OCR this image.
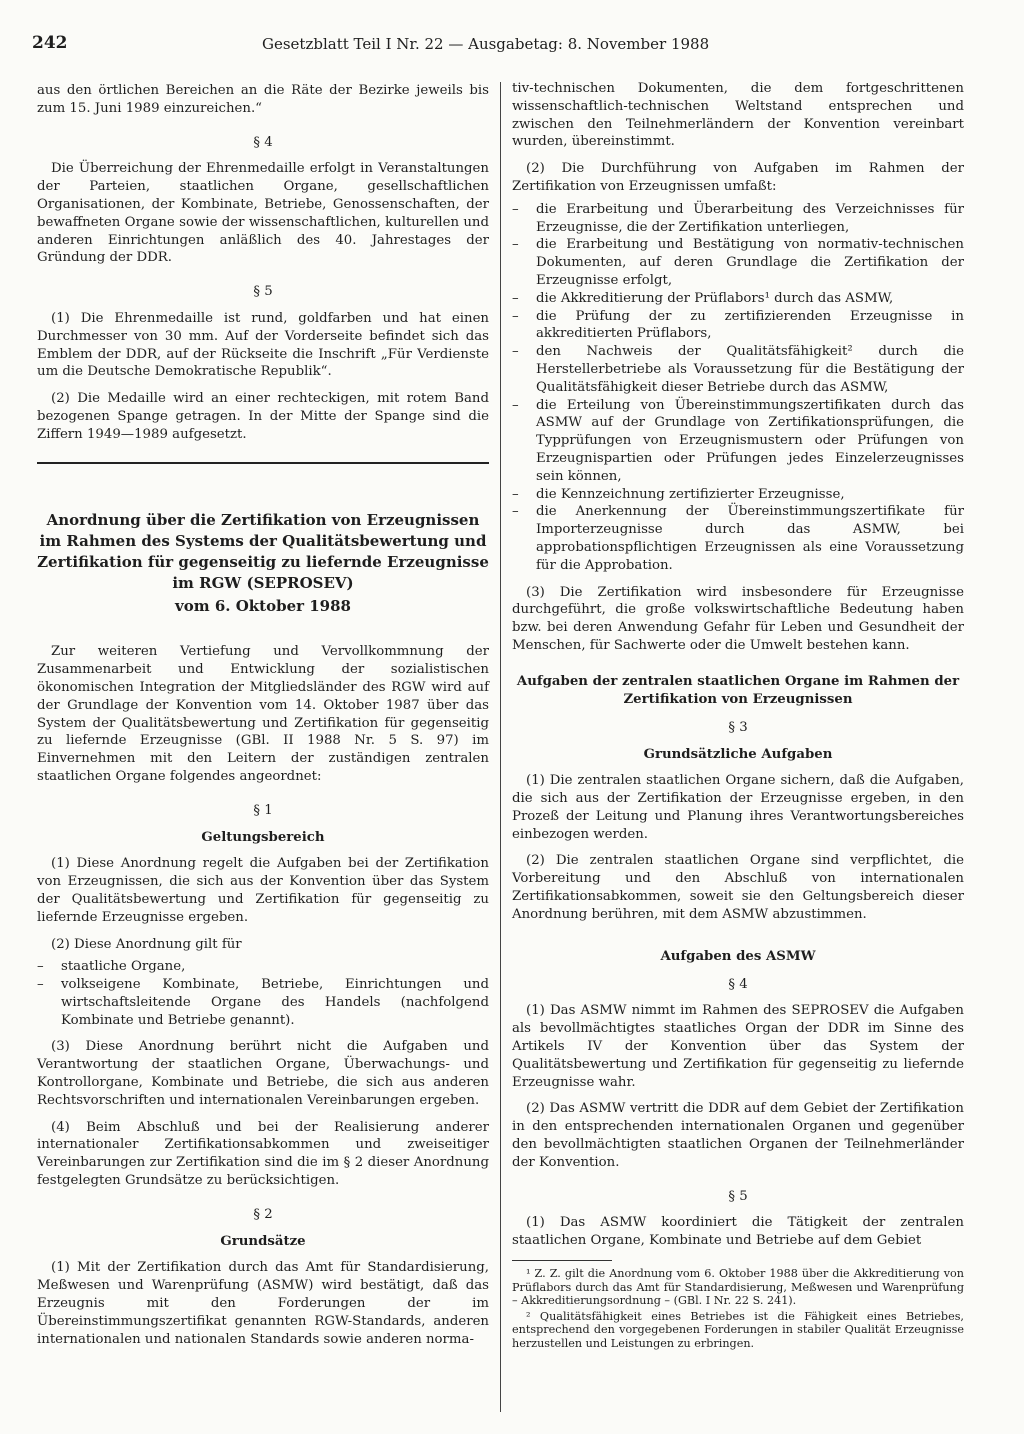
242	Gesetzblatt Teil I Nr. 22 — Ausgabetag: 8. November 1988

aus den örtlichen Bereichen an die Räte der Bezirke jeweils bis zum 15. Juni 1989 einzureichen.“

§ 4

Die Überreichung der Ehrenmedaille erfolgt in Veranstaltungen der Parteien, staatlichen Organe, gesellschaftlichen Organisationen, der Kombinate, Betriebe, Genossenschaften, der bewaffneten Organe sowie der wissenschaftlichen, kulturellen und anderen Einrichtungen anläßlich des 40. Jahrestages der Gründung der DDR.

§ 5

(1) Die Ehrenmedaille ist rund, goldfarben und hat einen Durchmesser von 30 mm. Auf der Vorderseite befindet sich das Emblem der DDR, auf der Rückseite die Inschrift „Für Verdienste um die Deutsche Demokratische Republik“.

(2) Die Medaille wird an einer rechteckigen, mit rotem Band bezogenen Spange getragen. In der Mitte der Spange sind die Ziffern 1949—1989 aufgesetzt.

Anordnung über die Zertifikation von Erzeugnissen im Rahmen des Systems der Qualitätsbewertung und Zertifikation für gegenseitig zu liefernde Erzeugnisse im RGW (SEPROSEV)
vom 6. Oktober 1988

Zur weiteren Vertiefung und Vervollkommnung der Zusammenarbeit und Entwicklung der sozialistischen ökonomischen Integration der Mitgliedsländer des RGW wird auf der Grundlage der Konvention vom 14. Oktober 1987 über das System der Qualitätsbewertung und Zertifikation für gegenseitig zu liefernde Erzeugnisse (GBl. II 1988 Nr. 5 S. 97) im Einvernehmen mit den Leitern der zuständigen zentralen staatlichen Organe folgendes angeordnet:

§ 1
Geltungsbereich

(1) Diese Anordnung regelt die Aufgaben bei der Zertifikation von Erzeugnissen, die sich aus der Konvention über das System der Qualitätsbewertung und Zertifikation für gegenseitig zu liefernde Erzeugnisse ergeben.

(2) Diese Anordnung gilt für

– staatliche Organe,
– volkseigene Kombinate, Betriebe, Einrichtungen und wirtschaftsleitende Organe des Handels (nachfolgend Kombinate und Betriebe genannt).

(3) Diese Anordnung berührt nicht die Aufgaben und Verantwortung der staatlichen Organe, Überwachungs- und Kontrollorgane, Kombinate und Betriebe, die sich aus anderen Rechtsvorschriften und internationalen Vereinbarungen ergeben.

(4) Beim Abschluß und bei der Realisierung anderer internationaler Zertifikationsabkommen und zweiseitiger Vereinbarungen zur Zertifikation sind die im § 2 dieser Anordnung festgelegten Grundsätze zu berücksichtigen.

§ 2
Grundsätze

(1) Mit der Zertifikation durch das Amt für Standardisierung, Meßwesen und Warenprüfung (ASMW) wird bestätigt, daß das Erzeugnis mit den Forderungen der im Übereinstimmungszertifikat genannten RGW-Standards, anderen internationalen und nationalen Standards sowie anderen norma-

tiv-technischen Dokumenten, die dem fortgeschrittenen wissenschaftlich-technischen Weltstand entsprechen und zwischen den Teilnehmerländern der Konvention vereinbart wurden, übereinstimmt.

(2) Die Durchführung von Aufgaben im Rahmen der Zertifikation von Erzeugnissen umfaßt:

– die Erarbeitung und Überarbeitung des Verzeichnisses für Erzeugnisse, die der Zertifikation unterliegen,
– die Erarbeitung und Bestätigung von normativ-technischen Dokumenten, auf deren Grundlage die Zertifikation der Erzeugnisse erfolgt,
– die Akkreditierung der Prüflabors¹ durch das ASMW,
– die Prüfung der zu zertifizierenden Erzeugnisse in akkreditierten Prüflabors,
– den Nachweis der Qualitätsfähigkeit² durch die Herstellerbetriebe als Voraussetzung für die Bestätigung der Qualitätsfähigkeit dieser Betriebe durch das ASMW,
– die Erteilung von Übereinstimmungszertifikaten durch das ASMW auf der Grundlage von Zertifikationsprüfungen, die Typprüfungen von Erzeugnismustern oder Prüfungen von Erzeugnispartien oder Prüfungen jedes Einzelerzeugnisses sein können,
– die Kennzeichnung zertifizierter Erzeugnisse,
– die Anerkennung der Übereinstimmungszertifikate für Importerzeugnisse durch das ASMW, bei approbationspflichtigen Erzeugnissen als eine Voraussetzung für die Approbation.

(3) Die Zertifikation wird insbesondere für Erzeugnisse durchgeführt, die große volkswirtschaftliche Bedeutung haben bzw. bei deren Anwendung Gefahr für Leben und Gesundheit der Menschen, für Sachwerte oder die Umwelt bestehen kann.

Aufgaben der zentralen staatlichen Organe im Rahmen der Zertifikation von Erzeugnissen
§ 3
Grundsätzliche Aufgaben

(1) Die zentralen staatlichen Organe sichern, daß die Aufgaben, die sich aus der Zertifikation der Erzeugnisse ergeben, in den Prozeß der Leitung und Planung ihres Verantwortungsbereiches einbezogen werden.

(2) Die zentralen staatlichen Organe sind verpflichtet, die Vorbereitung und den Abschluß von internationalen Zertifikationsabkommen, soweit sie den Geltungsbereich dieser Anordnung berühren, mit dem ASMW abzustimmen.

Aufgaben des ASMW
§ 4

(1) Das ASMW nimmt im Rahmen des SEPROSEV die Aufgaben als bevollmächtigtes staatliches Organ der DDR im Sinne des Artikels IV der Konvention über das System der Qualitätsbewertung und Zertifikation für gegenseitig zu liefernde Erzeugnisse wahr.

(2) Das ASMW vertritt die DDR auf dem Gebiet der Zertifikation in den entsprechenden internationalen Organen und gegenüber den bevollmächtigten staatlichen Organen der Teilnehmerländer der Konvention.

§ 5

(1) Das ASMW koordiniert die Tätigkeit der zentralen staatlichen Organe, Kombinate und Betriebe auf dem Gebiet

¹ Z. Z. gilt die Anordnung vom 6. Oktober 1988 über die Akkreditierung von Prüflabors durch das Amt für Standardisierung, Meßwesen und Warenprüfung – Akkreditierungsordnung – (GBl. I Nr. 22 S. 241).

² Qualitätsfähigkeit eines Betriebes ist die Fähigkeit eines Betriebes, entsprechend den vorgegebenen Forderungen in stabiler Qualität Erzeugnisse herzustellen und Leistungen zu erbringen.
